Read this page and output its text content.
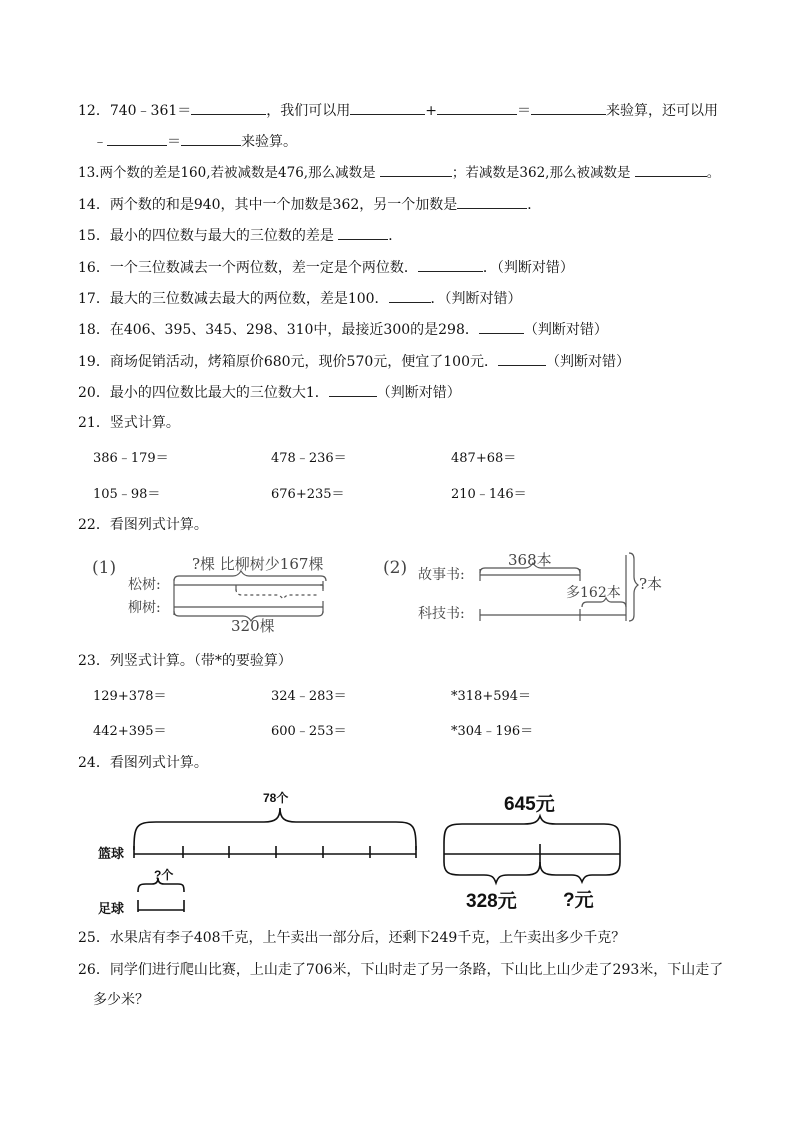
12．740﹣361＝	，我们可以用	+	＝	来验算，还可以用
﹣	＝	来验算。
13.两个数的差是160,若被减数是476,那么减数是	；若减数是362,那么被减数是	。
14．两个数的和是940，其中一个加数是362，另一个加数是	．
15．最小的四位数与最大的三位数的差是	．
16．一个三位数减去一个两位数，差一定是个两位数．	．（判断对错）
17．最大的三位数减去最大的两位数，差是100．	．（判断对错）
18．在406、395、345、298、310中，最接近300的是298．	（判断对错）
19．商场促销活动，烤箱原价680元，现价570元，便宜了100元．	（判断对错）
20．最小的四位数比最大的三位数大1．	（判断对错）
21．竖式计算。
386﹣179＝	478﹣236＝	487+68＝
105﹣98＝	676+235＝	210﹣146＝
22．看图列式计算。
(1)
松树:
柳树:
?棵 比柳树少167棵
320棵
(2) 故事书:
科技书:
368本
多162本 ?本
23．列竖式计算。（带*的要验算）
129+378＝	324﹣283＝	*318+594＝
442+395＝	600﹣253＝	*304﹣196＝
24．看图列式计算。
78个
篮球
?个
足球
645元
328元 ?元
25．水果店有李子408千克，上午卖出一部分后，还剩下249千克，上午卖出多少千克？
26．同学们进行爬山比赛，上山走了706米，下山时走了另一条路，下山比上山少走了293米，下山走了
多少米？
